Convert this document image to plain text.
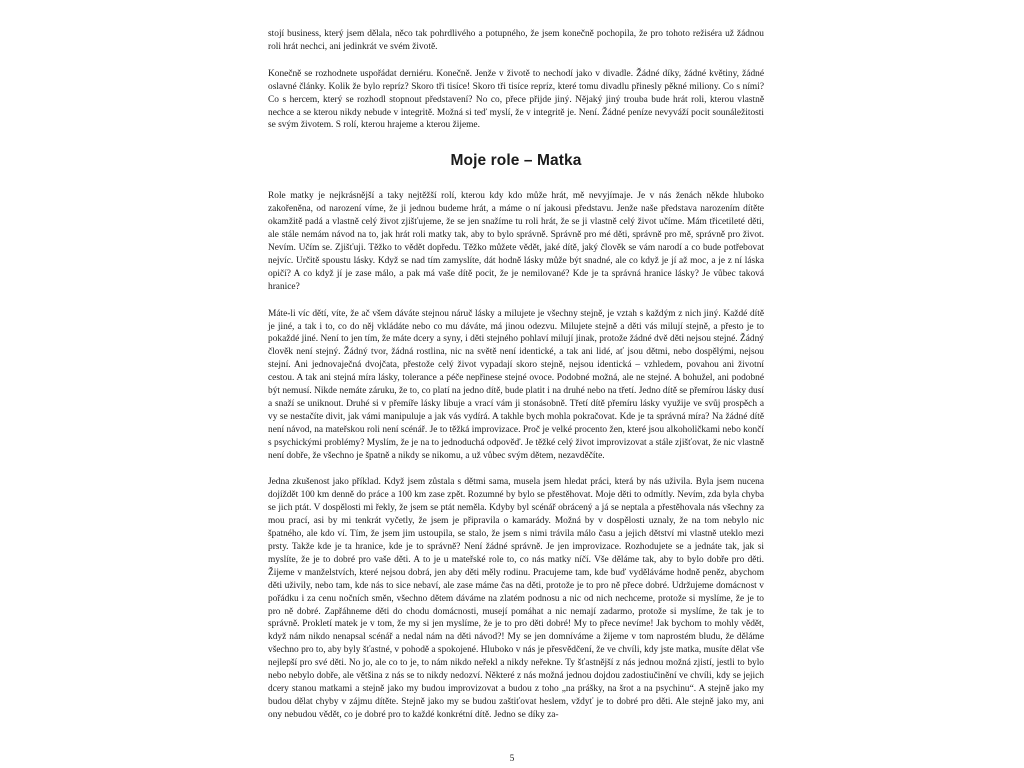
stojí business, který jsem dělala, něco tak pohrdlivého a potupného, že jsem konečně pochopila, že pro tohoto režiséra už žádnou roli hrát nechci, ani jedinkrát ve svém životě.

Konečně se rozhodnete uspořádat derniéru. Konečně. Jenže v životě to nechodí jako v divadle. Žádné díky, žádné květiny, žádné oslavné články. Kolik že bylo repríz? Skoro tři tisíce! Skoro tři tisíce repríz, které tomu divadlu přinesly pěkné miliony. Co s ními? Co s hercem, který se rozhodl stopnout představení? No co, přece přijde jiný. Nějaký jiný trouba bude hrát roli, kterou vlastně nechce a se kterou nikdy nebude v integritě. Možná si teď myslí, že v integritě je. Není. Žádné peníze nevyváží pocit sounáležitosti se svým životem. S rolí, kterou hrajeme a kterou žijeme.

Moje role – Matka

Role matky je nejkrásnější a taky nejtěžší rolí, kterou kdy kdo může hrát, mě nevyjímaje. Je v nás ženách někde hluboko zakořeněna, od narození víme, že ji jednou budeme hrát, a máme o ní jakousi představu. Jenže naše představa narozením dítěte okamžitě padá a vlastně celý život zjišťujeme, že se jen snažíme tu roli hrát, že se ji vlastně celý život učíme. Mám třicetileté děti, ale stále nemám návod na to, jak hrát roli matky tak, aby to bylo správně. Správně pro mé děti, správně pro mě, správně pro život. Nevím. Učím se. Zjišťuji. Těžko to vědět dopředu. Těžko můžete vědět, jaké dítě, jaký člověk se vám narodí a co bude potřebovat nejvíc. Určitě spoustu lásky. Když se nad tím zamyslíte, dát hodně lásky může být snadné, ale co když je jí až moc, a je z ní láska opičí? A co když jí je zase málo, a pak má vaše dítě pocit, že je nemilované? Kde je ta správná hranice lásky? Je vůbec taková hranice?

Máte-li víc dětí, víte, že ač všem dáváte stejnou náruč lásky a milujete je všechny stejně, je vztah s každým z nich jiný. Každé dítě je jiné, a tak i to, co do něj vkládáte nebo co mu dáváte, má jinou odezvu. Milujete stejně a děti vás milují stejně, a přesto je to pokaždé jiné. Není to jen tím, že máte dcery a syny, i děti stejného pohlaví milují jinak, protože žádné dvě děti nejsou stejné. Žádný člověk není stejný. Žádný tvor, žádná rostlina, nic na světě není identické, a tak ani lidé, ať jsou dětmi, nebo dospělými, nejsou stejní. Ani jednovaječná dvojčata, přestože celý život vypadají skoro stejně, nejsou identická – vzhledem, povahou ani životní cestou. A tak ani stejná míra lásky, tolerance a péče nepřinese stejné ovoce. Podobné možná, ale ne stejné. A bohužel, ani podobné být nemusí. Nikde nemáte záruku, že to, co platí na jedno dítě, bude platit i na druhé nebo na třetí. Jedno dítě se přemírou lásky dusí a snaží se uniknout. Druhé si v přemíře lásky libuje a vrací vám ji stonásobně. Třetí dítě přemíru lásky využije ve svůj prospěch a vy se nestačíte divit, jak vámi manipuluje a jak vás vydírá. A takhle bych mohla pokračovat. Kde je ta správná míra? Na žádné dítě není návod, na mateřskou roli není scénář. Je to těžká improvizace. Proč je velké procento žen, které jsou alkoholičkami nebo končí s psychickými problémy? Myslím, že je na to jednoduchá odpověď. Je těžké celý život improvizovat a stále zjišťovat, že nic vlastně není dobře, že všechno je špatně a nikdy se nikomu, a už vůbec svým dětem, nezavděčíte.

Jedna zkušenost jako příklad. Když jsem zůstala s dětmi sama, musela jsem hledat práci, která by nás uživila. Byla jsem nucena dojíždět 100 km denně do práce a 100 km zase zpět. Rozumné by bylo se přestěhovat. Moje děti to odmítly. Nevím, zda byla chyba se jich ptát. V dospělosti mi řekly, že jsem se ptát neměla. Kdyby byl scénář obrácený a já se neptala a přestěhovala nás všechny za mou prací, asi by mi tenkrát vyčetly, že jsem je připravila o kamarády. Možná by v dospělosti uznaly, že na tom nebylo nic špatného, ale kdo ví. Tím, že jsem jim ustoupila, se stalo, že jsem s nimi trávila málo času a jejich dětství mi vlastně uteklo mezi prsty. Takže kde je ta hranice, kde je to správně? Není žádné správně. Je jen improvizace. Rozhodujete se a jednáte tak, jak si myslíte, že je to dobré pro vaše děti. A to je u mateřské role to, co nás matky níčí. Vše děláme tak, aby to bylo dobře pro děti. Žijeme v manželstvích, které nejsou dobrá, jen aby děti měly rodinu. Pracujeme tam, kde buď vyděláváme hodně peněz, abychom děti uživily, nebo tam, kde nás to sice nebaví, ale zase máme čas na děti, protože je to pro ně přece dobré. Udržujeme domácnost v pořádku i za cenu nočních směn, všechno dětem dáváme na zlatém podnosu a nic od nich nechceme, protože si myslíme, že je to pro ně dobré. Zapřáhneme děti do chodu domácnosti, musejí pomáhat a nic nemají zadarmo, protože si myslíme, že tak je to správně. Prokletí matek je v tom, že my si jen myslíme, že je to pro děti dobré! My to přece nevíme! Jak bychom to mohly vědět, když nám nikdo nenapsal scénář a nedal nám na děti návod?! My se jen domníváme a žijeme v tom naprostém bludu, že děláme všechno pro to, aby byly šťastné, v pohodě a spokojené. Hluboko v nás je přesvědčení, že ve chvíli, kdy jste matka, musíte dělat vše nejlepší pro své děti. No jo, ale co to je, to nám nikdo neřekl a nikdy neřekne. Ty šťastnější z nás jednou možná zjistí, jestli to bylo nebo nebylo dobře, ale většina z nás se to nikdy nedozví. Některé z nás možná jednou dojdou zadostiučinění ve chvíli, kdy se jejich dcery stanou matkami a stejně jako my budou improvizovat a budou z toho „na prášky, na šrot a na psychinu“. A stejně jako my budou dělat chyby v zájmu dítěte. Stejně jako my se budou zaštiťovat heslem, vždyť je to dobré pro děti. Ale stejně jako my, ani ony nebudou vědět, co je dobré pro to každé konkrétní dítě. Jedno se díky za-

5
